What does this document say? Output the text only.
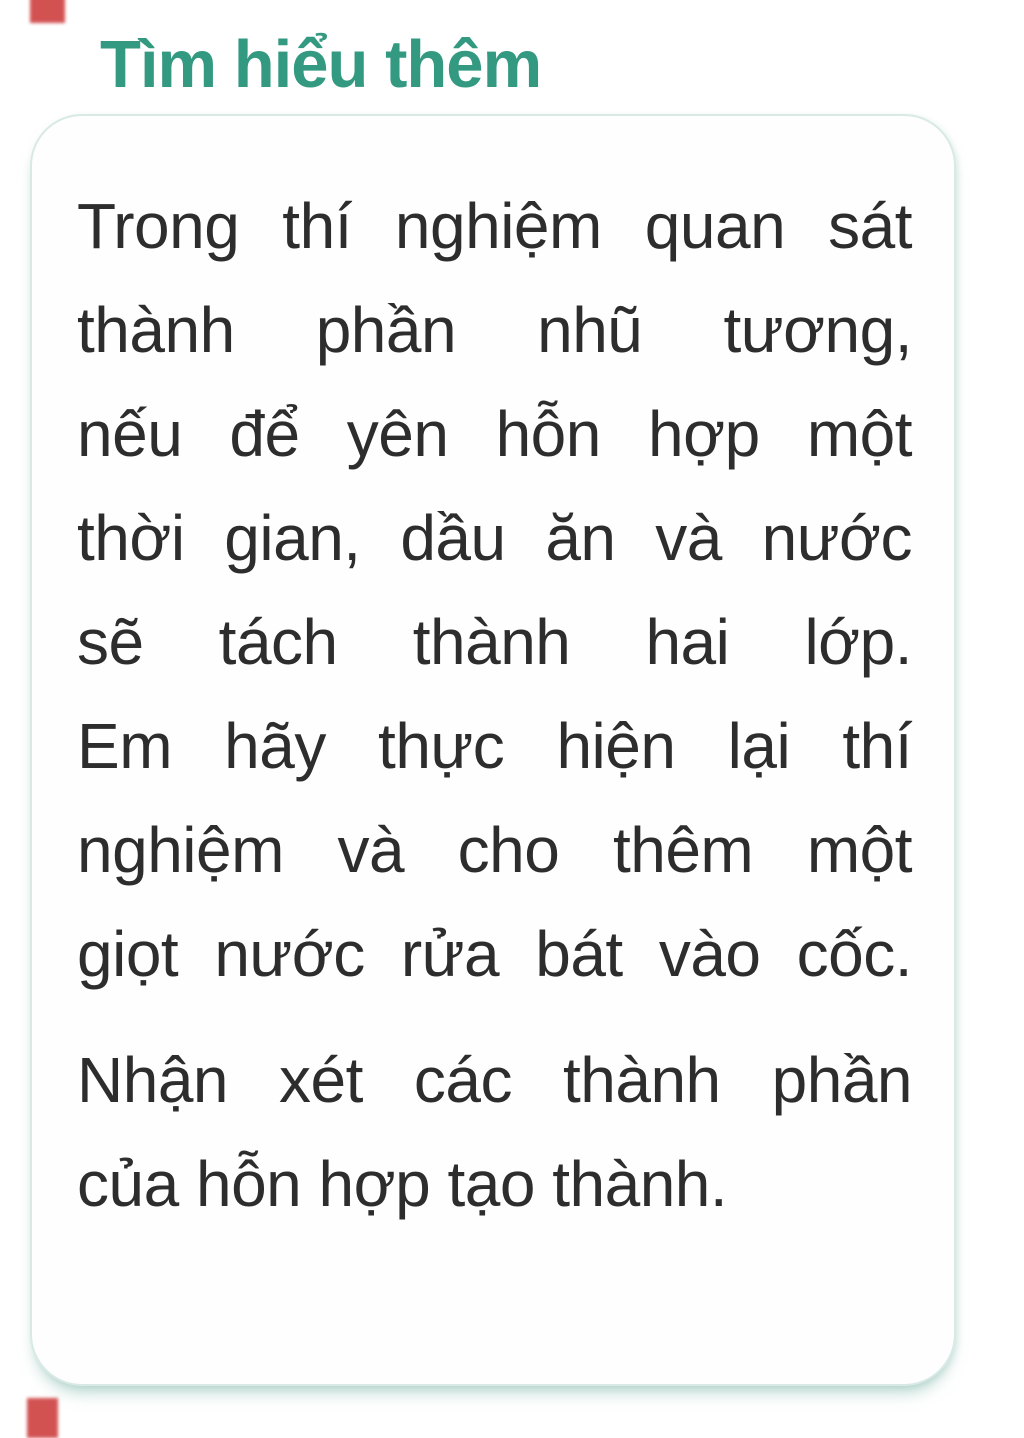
Tìm hiểu thêm
Trong thí nghiệm quan sát
thành phần nhũ tương,
nếu để yên hỗn hợp một
thời gian, dầu ăn và nước
sẽ tách thành hai lớp.
Em hãy thực hiện lại thí
nghiệm và cho thêm một
giọt nước rửa bát vào cốc.
Nhận xét các thành phần
của hỗn hợp tạo thành.
